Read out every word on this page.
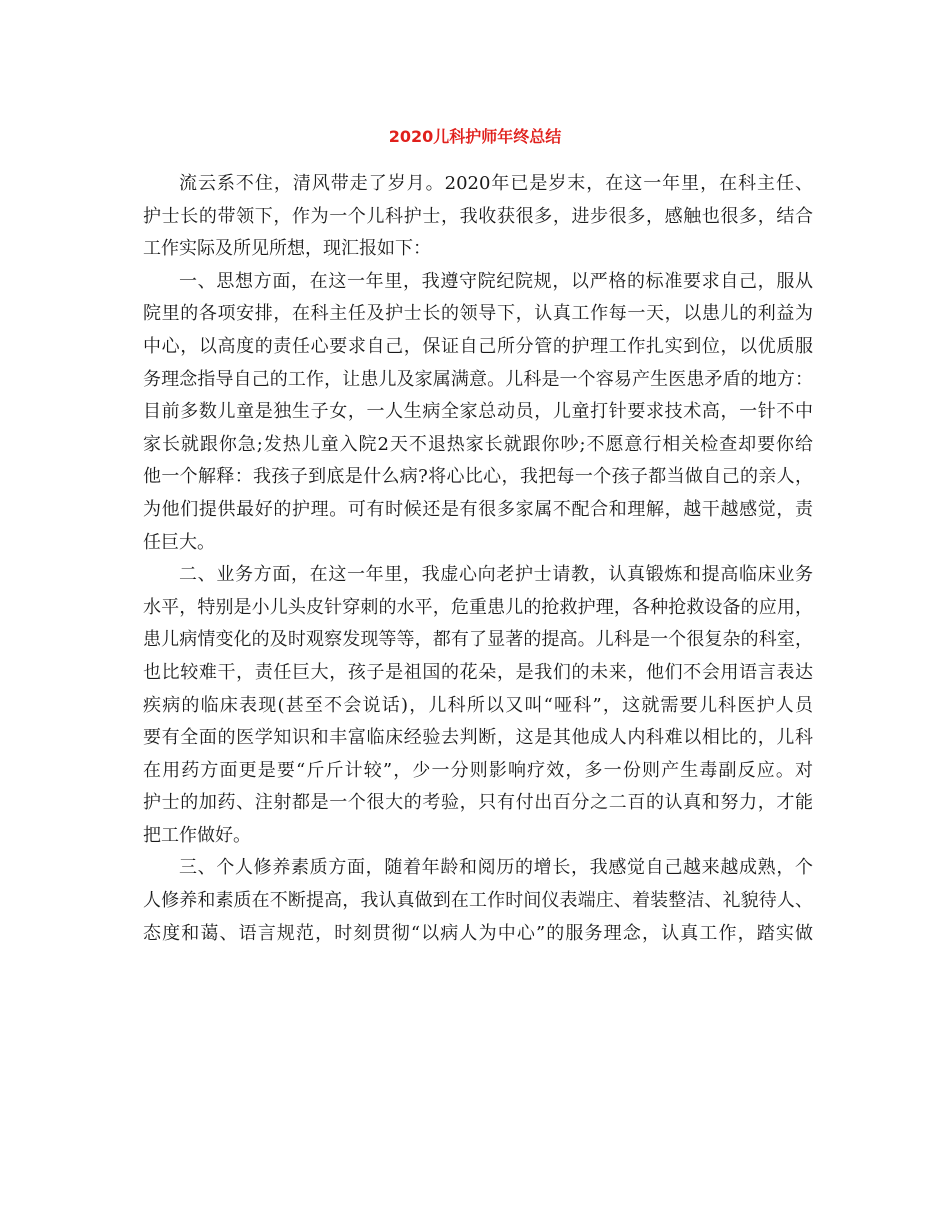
2020儿科护师年终总结
流云系不住，清风带走了岁月。2020年已是岁末，在这一年里，在科主任、
护士长的带领下，作为一个儿科护士，我收获很多，进步很多，感触也很多，结合
工作实际及所见所想，现汇报如下：
一、思想方面，在这一年里，我遵守院纪院规，以严格的标准要求自己，服从
院里的各项安排，在科主任及护士长的领导下，认真工作每一天，以患儿的利益为
中心，以高度的责任心要求自己，保证自己所分管的护理工作扎实到位，以优质服
务理念指导自己的工作，让患儿及家属满意。儿科是一个容易产生医患矛盾的地方：
目前多数儿童是独生子女，一人生病全家总动员，儿童打针要求技术高，一针不中
家长就跟你急;发热儿童入院2天不退热家长就跟你吵;不愿意行相关检查却要你给
他一个解释：我孩子到底是什么病?将心比心，我把每一个孩子都当做自己的亲人，
为他们提供最好的护理。可有时候还是有很多家属不配合和理解，越干越感觉，责
任巨大。
二、业务方面，在这一年里，我虚心向老护士请教，认真锻炼和提高临床业务
水平，特别是小儿头皮针穿刺的水平，危重患儿的抢救护理，各种抢救设备的应用，
患儿病情变化的及时观察发现等等，都有了显著的提高。儿科是一个很复杂的科室，
也比较难干，责任巨大，孩子是祖国的花朵，是我们的未来，他们不会用语言表达
疾病的临床表现(甚至不会说话)，儿科所以又叫“哑科”，这就需要儿科医护人员
要有全面的医学知识和丰富临床经验去判断，这是其他成人内科难以相比的，儿科
在用药方面更是要“斤斤计较”，少一分则影响疗效，多一份则产生毒副反应。对
护士的加药、注射都是一个很大的考验，只有付出百分之二百的认真和努力，才能
把工作做好。
三、个人修养素质方面，随着年龄和阅历的增长，我感觉自己越来越成熟，个
人修养和素质在不断提高，我认真做到在工作时间仪表端庄、着装整洁、礼貌待人、
态度和蔼、语言规范，时刻贯彻“以病人为中心”的服务理念，认真工作，踏实做
